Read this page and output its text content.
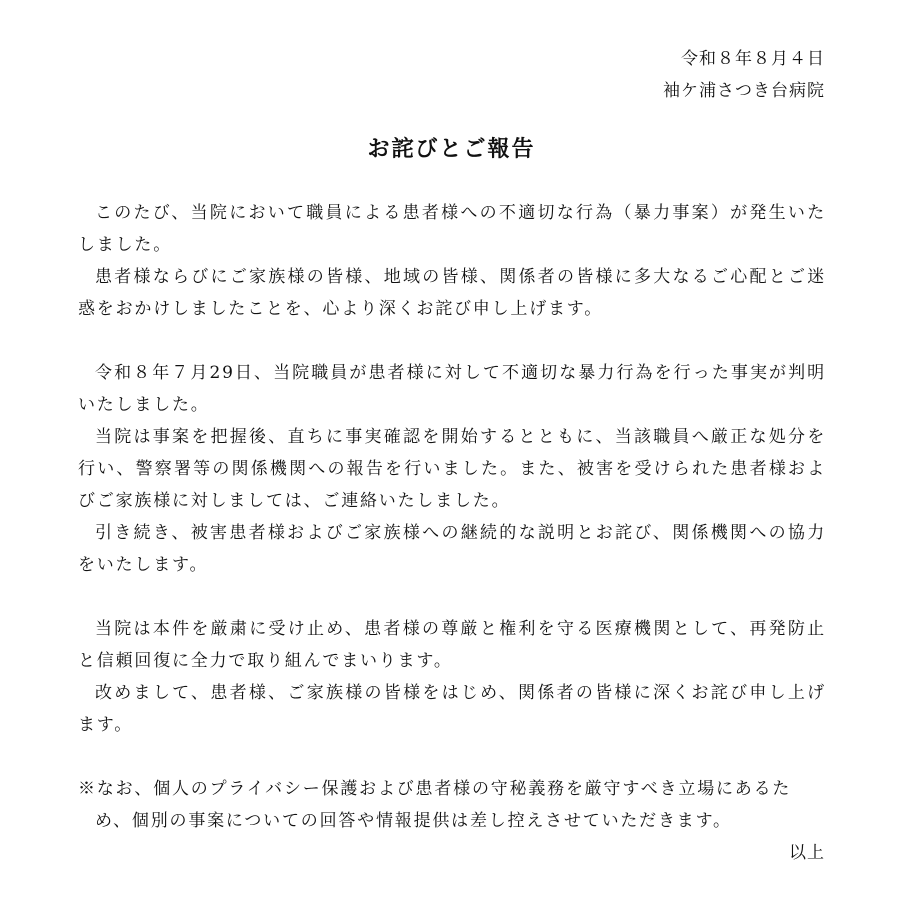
令和８年８月４日
袖ケ浦さつき台病院
お詫びとご報告

このたび、当院において職員による患者様への不適切な行為（暴力事案）が発生いたしました。

患者様ならびにご家族様の皆様、地域の皆様、関係者の皆様に多大なるご心配とご迷惑をおかけしましたことを、心より深くお詫び申し上げます。

令和８年７月29日、当院職員が患者様に対して不適切な暴力行為を行った事実が判明いたしました。

当院は事案を把握後、直ちに事実確認を開始するとともに、当該職員へ厳正な処分を行い、警察署等の関係機関への報告を行いました。また、被害を受けられた患者様およびご家族様に対しましては、ご連絡いたしました。

引き続き、被害患者様およびご家族様への継続的な説明とお詫び、関係機関への協力をいたします。

当院は本件を厳粛に受け止め、患者様の尊厳と権利を守る医療機関として、再発防止と信頼回復に全力で取り組んでまいります。

改めまして、患者様、ご家族様の皆様をはじめ、関係者の皆様に深くお詫び申し上げます。

※なお、個人のプライバシー保護および患者様の守秘義務を厳守すべき立場にあるため、個別の事案についての回答や情報提供は差し控えさせていただきます。

以上
